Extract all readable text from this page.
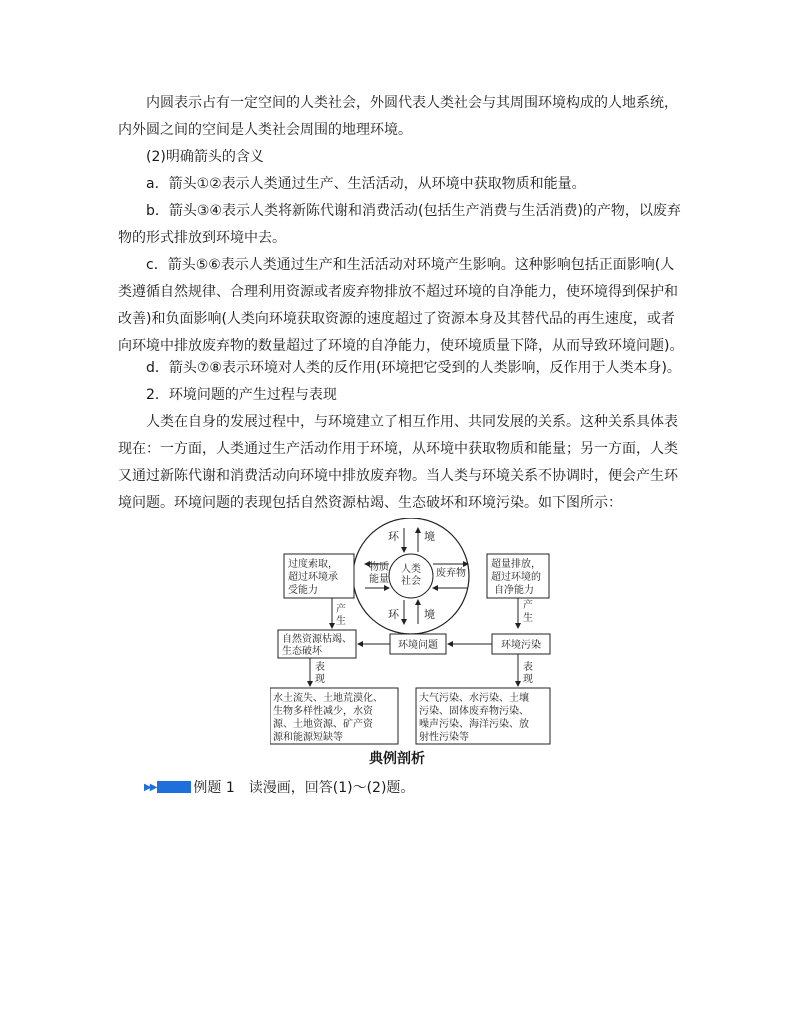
内圆表示占有一定空间的人类社会，外圆代表人类社会与其周围环境构成的人地系统，内外圆之间的空间是人类社会周围的地理环境。

(2)明确箭头的含义

a．箭头①②表示人类通过生产、生活活动，从环境中获取物质和能量。

b．箭头③④表示人类将新陈代谢和消费活动(包括生产消费与生活消费)的产物，以废弃物的形式排放到环境中去。

c．箭头⑤⑥表示人类通过生产和生活活动对环境产生影响。这种影响包括正面影响(人类遵循自然规律、合理利用资源或者废弃物排放不超过环境的自净能力，使环境得到保护和改善)和负面影响(人类向环境获取资源的速度超过了资源本身及其替代品的再生速度，或者向环境中排放废弃物的数量超过了环境的自净能力，使环境质量下降，从而导致环境问题)。

d．箭头⑦⑧表示环境对人类的反作用(环境把它受到的人类影响，反作用于人类本身)。

2．环境问题的产生过程与表现

人类在自身的发展过程中，与环境建立了相互作用、共同发展的关系。这种关系具体表现在：一方面，人类通过生产活动作用于环境，从环境中获取物质和能量；另一方面，人类又通过新陈代谢和消费活动向环境中排放废弃物。当人类与环境关系不协调时，便会产生环境问题。环境问题的表现包括自然资源枯竭、生态破坏和环境污染。如下图所示：

环 境
环 境
人类
社会
物质
能量
废弃物
过度索取，
超过环境承
受能力
超量排放，
超过环境的
自净能力
产
生
产
生
自然资源枯竭、
生态破坏
环境问题	环境污染
表
现
表
现
水土流失、土地荒漠化、
生物多样性减少，水资
源、土地资源、矿产资
源和能源短缺等
大气污染、水污染、土壤
污染、固体废弃物污染、
噪声污染、海洋污染、放
射性污染等
典例剖析
▶▶	例题 1　读漫画，回答(1)～(2)题。
